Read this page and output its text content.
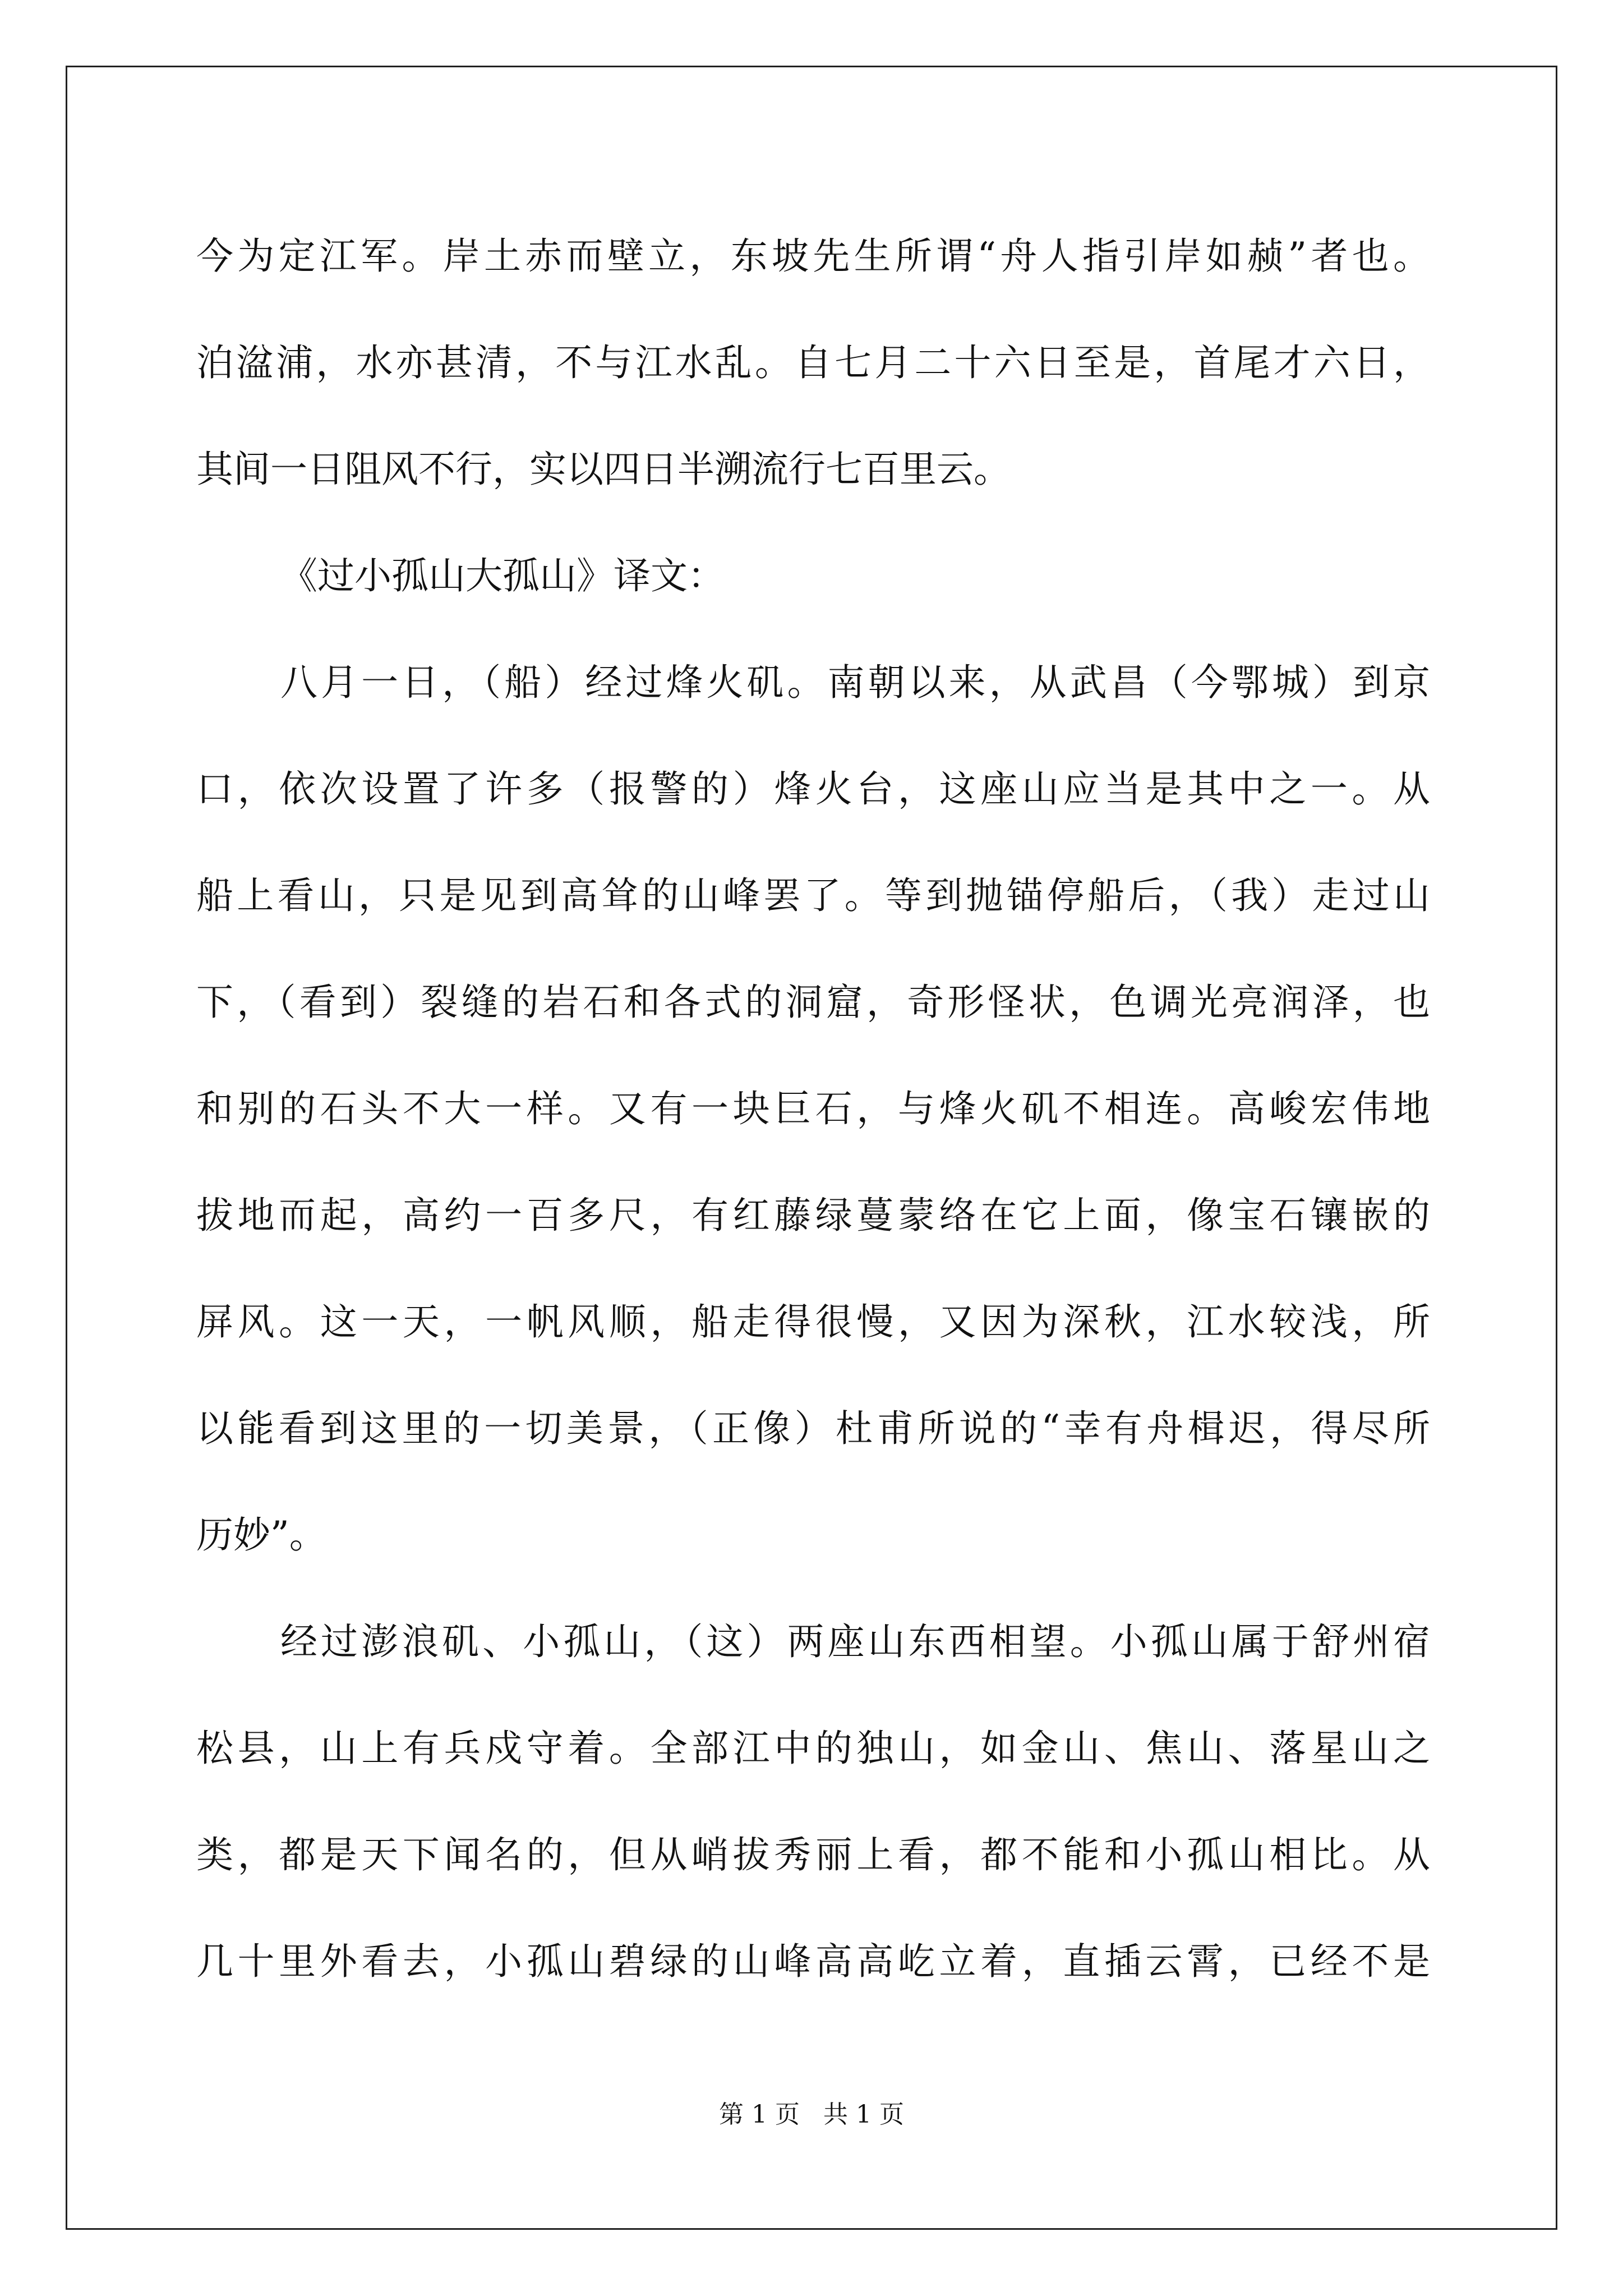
今为定江军。岸土赤而壁立，东坡先生所谓“舟人指引岸如赪”者也。
泊湓浦，水亦甚清，不与江水乱。自七月二十六日至是，首尾才六日，
其间一日阻风不行，实以四日半溯流行七百里云。
《过小孤山大孤山》译文：
八月一日，（船）经过烽火矶。南朝以来，从武昌（今鄂城）到京
口，依次设置了许多（报警的）烽火台，这座山应当是其中之一。从
船上看山，只是见到高耸的山峰罢了。等到抛锚停船后，（我）走过山
下，（看到）裂缝的岩石和各式的洞窟，奇形怪状，色调光亮润泽，也
和别的石头不大一样。又有一块巨石，与烽火矶不相连。高峻宏伟地
拔地而起，高约一百多尺，有红藤绿蔓蒙络在它上面，像宝石镶嵌的
屏风。这一天，一帆风顺，船走得很慢，又因为深秋，江水较浅，所
以能看到这里的一切美景，（正像）杜甫所说的“幸有舟楫迟，得尽所
历妙”。
经过澎浪矶、小孤山，（这）两座山东西相望。小孤山属于舒州宿
松县，山上有兵戍守着。全部江中的独山，如金山、焦山、落星山之
类，都是天下闻名的，但从峭拔秀丽上看，都不能和小孤山相比。从
几十里外看去，小孤山碧绿的山峰高高屹立着，直插云霄，已经不是
第 1 页   共 1 页
